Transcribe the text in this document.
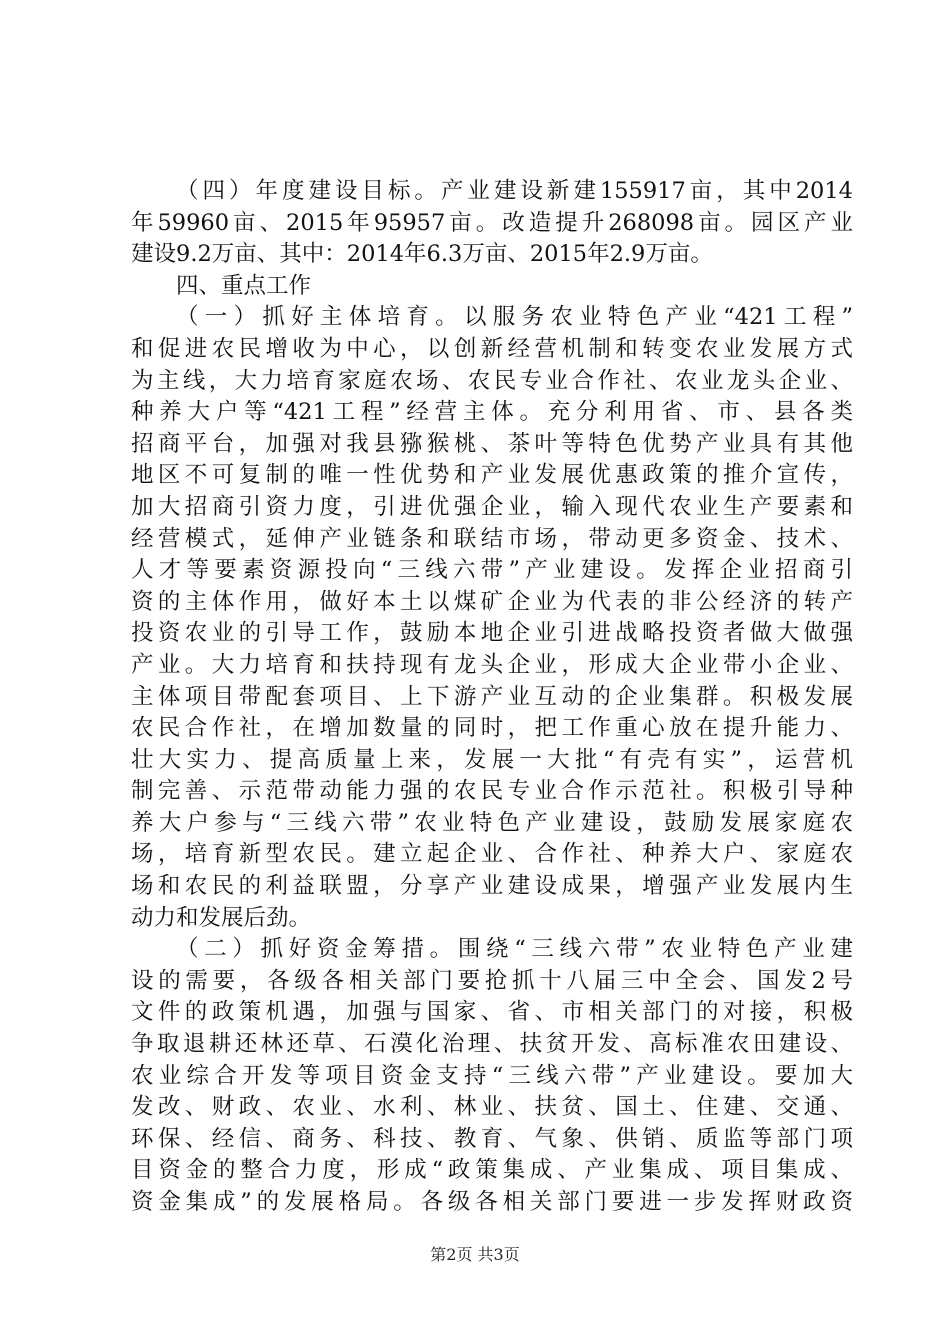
（四）年度建设目标。产业建设新建155917亩，其中2014
年59960亩、2015年95957亩。改造提升268098亩。园区产业
建设9.2万亩、其中：2014年6.3万亩、2015年2.9万亩。
四、重点工作
（一）抓好主体培育。以服务农业特色产业“421工程”
和促进农民增收为中心，以创新经营机制和转变农业发展方式
为主线，大力培育家庭农场、农民专业合作社、农业龙头企业、
种养大户等“421工程”经营主体。充分利用省、市、县各类
招商平台，加强对我县猕猴桃、茶叶等特色优势产业具有其他
地区不可复制的唯一性优势和产业发展优惠政策的推介宣传，
加大招商引资力度，引进优强企业，输入现代农业生产要素和
经营模式，延伸产业链条和联结市场，带动更多资金、技术、
人才等要素资源投向“三线六带”产业建设。发挥企业招商引
资的主体作用，做好本土以煤矿企业为代表的非公经济的转产
投资农业的引导工作，鼓励本地企业引进战略投资者做大做强
产业。大力培育和扶持现有龙头企业，形成大企业带小企业、
主体项目带配套项目、上下游产业互动的企业集群。积极发展
农民合作社，在增加数量的同时，把工作重心放在提升能力、
壮大实力、提高质量上来，发展一大批“有壳有实”，运营机
制完善、示范带动能力强的农民专业合作示范社。积极引导种
养大户参与“三线六带”农业特色产业建设，鼓励发展家庭农
场，培育新型农民。建立起企业、合作社、种养大户、家庭农
场和农民的利益联盟，分享产业建设成果，增强产业发展内生
动力和发展后劲。
（二）抓好资金筹措。围绕“三线六带”农业特色产业建
设的需要，各级各相关部门要抢抓十八届三中全会、国发2号
文件的政策机遇，加强与国家、省、市相关部门的对接，积极
争取退耕还林还草、石漠化治理、扶贫开发、高标准农田建设、
农业综合开发等项目资金支持“三线六带”产业建设。要加大
发改、财政、农业、水利、林业、扶贫、国土、住建、交通、
环保、经信、商务、科技、教育、气象、供销、质监等部门项
目资金的整合力度，形成“政策集成、产业集成、项目集成、
资金集成”的发展格局。各级各相关部门要进一步发挥财政资
第2页 共3页
